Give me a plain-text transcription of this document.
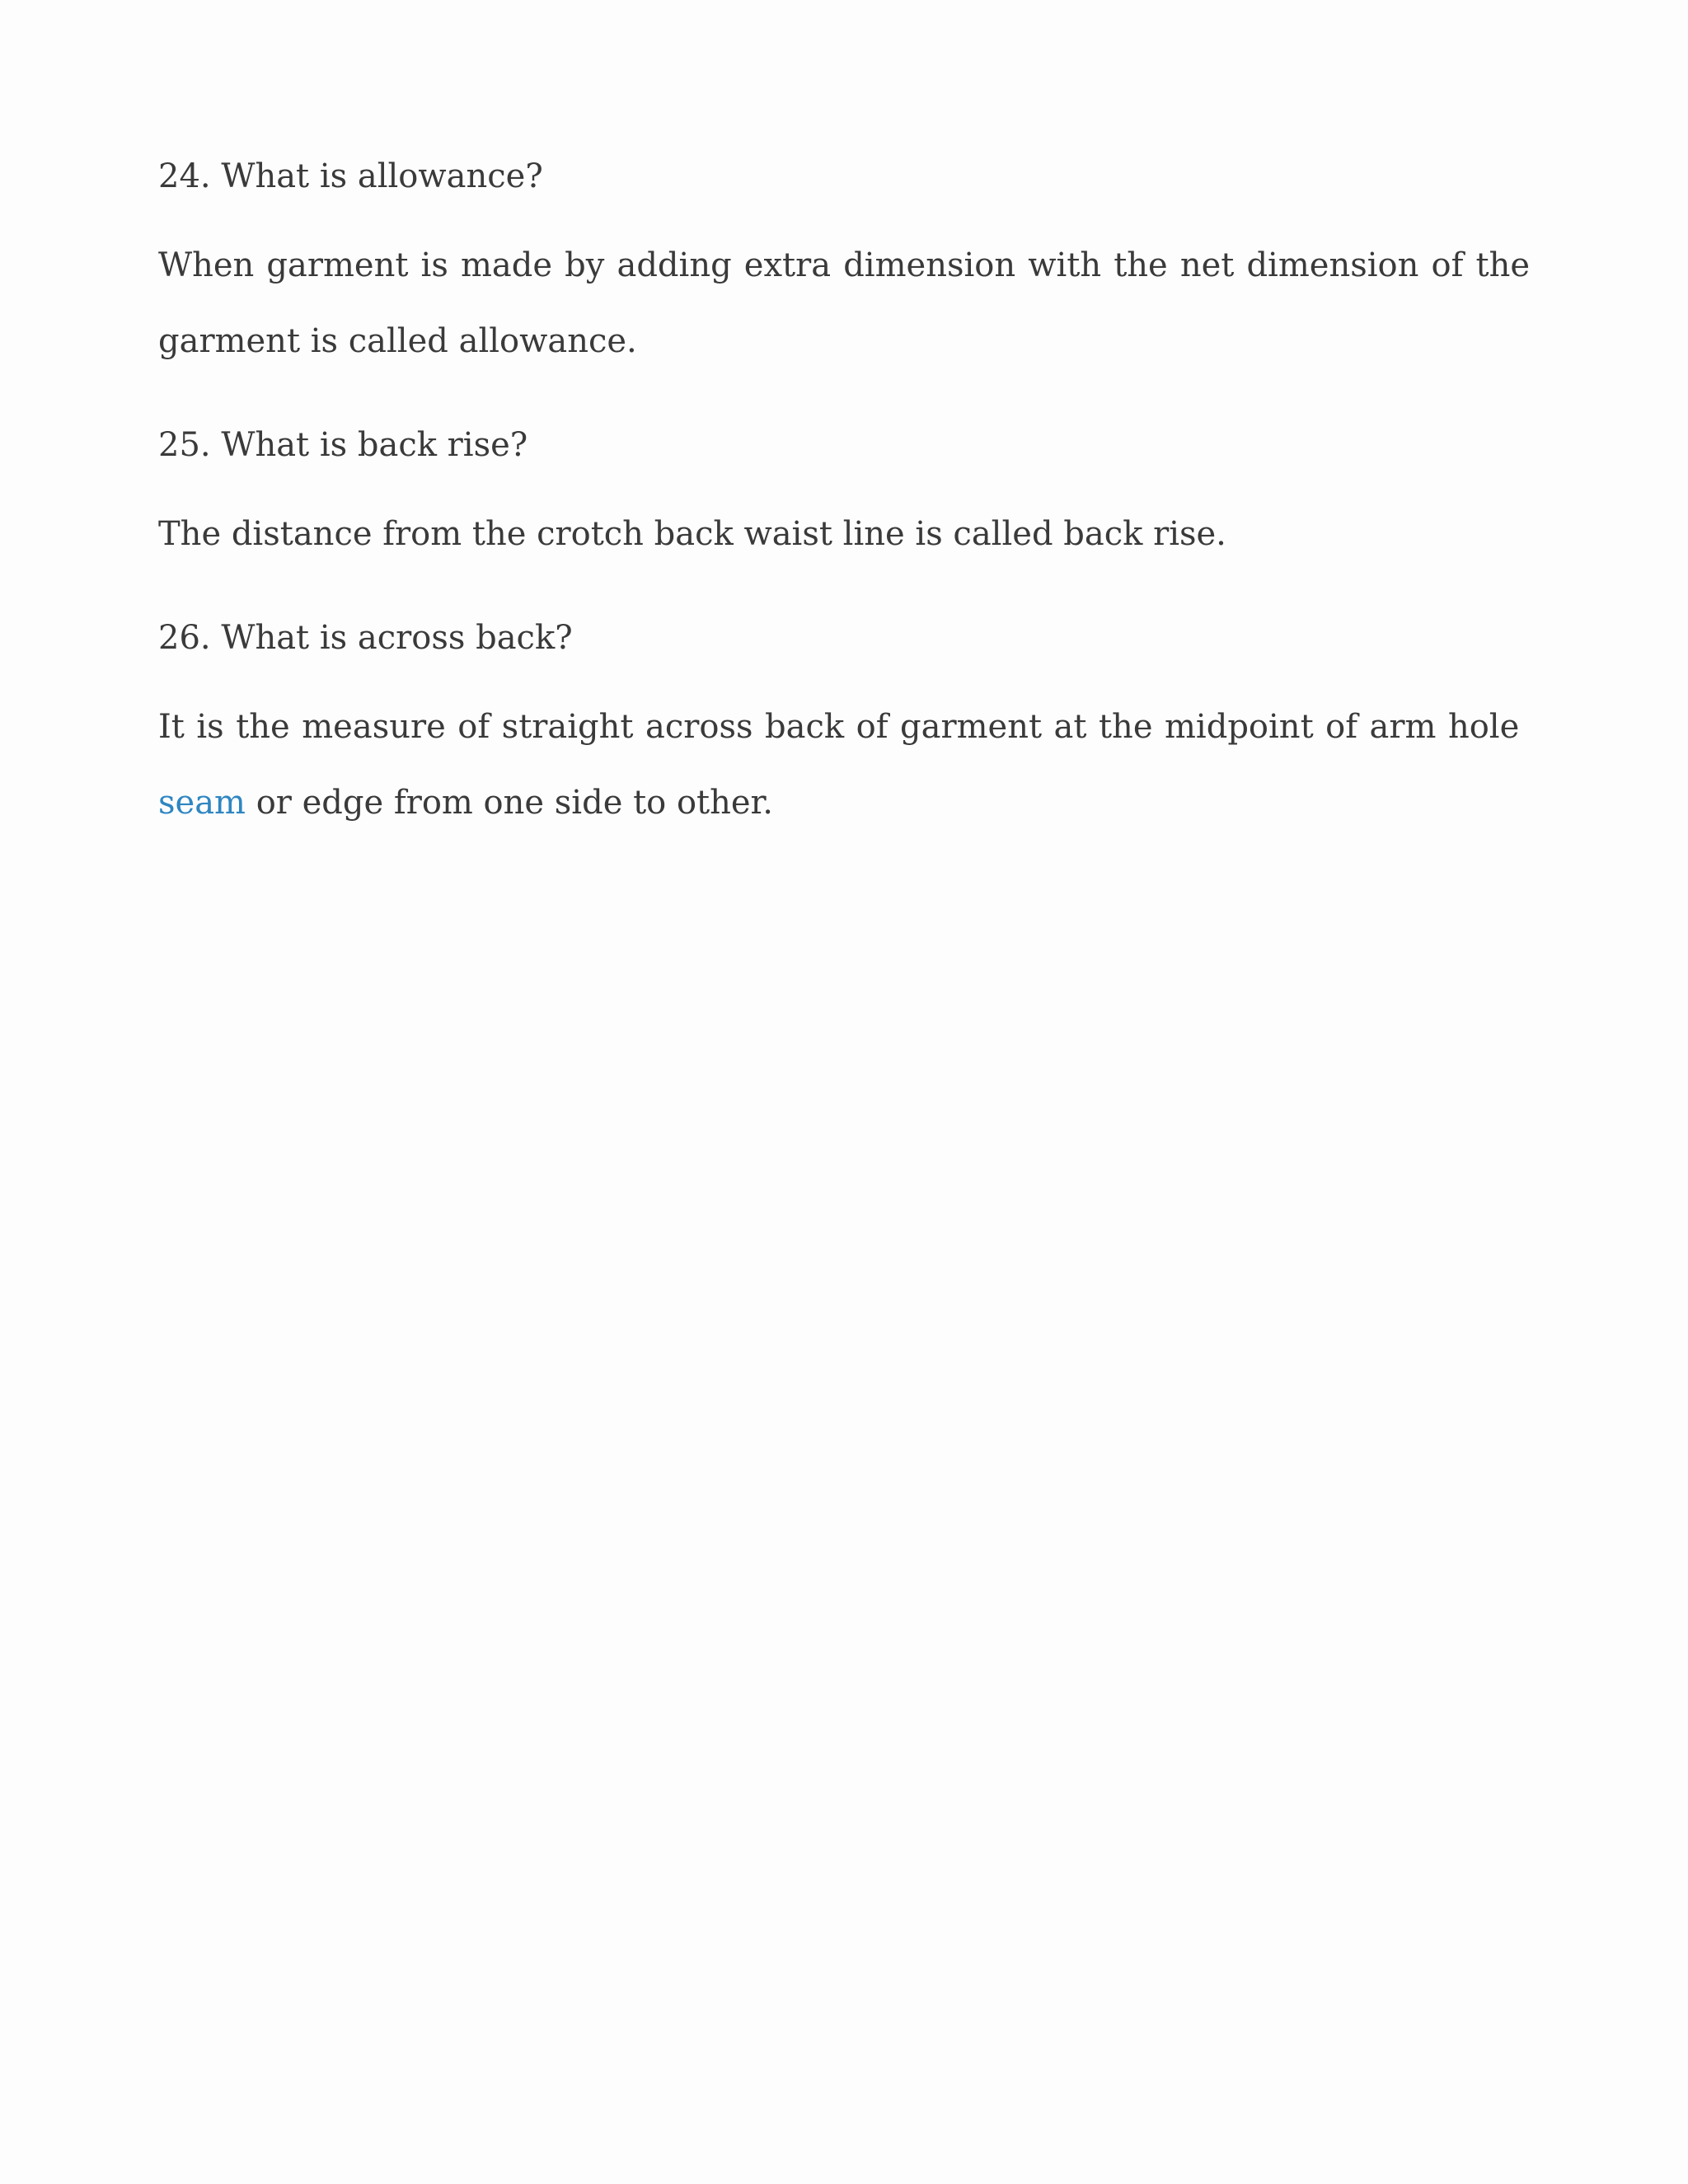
24. What is allowance?

When garment is made by adding extra dimension with the net dimension of the garment is called allowance.

25. What is back rise?

The distance from the crotch back waist line is called back rise.

26. What is across back?

It is the measure of straight across back of garment at the midpoint of arm hole  seam or edge from one side to other.
